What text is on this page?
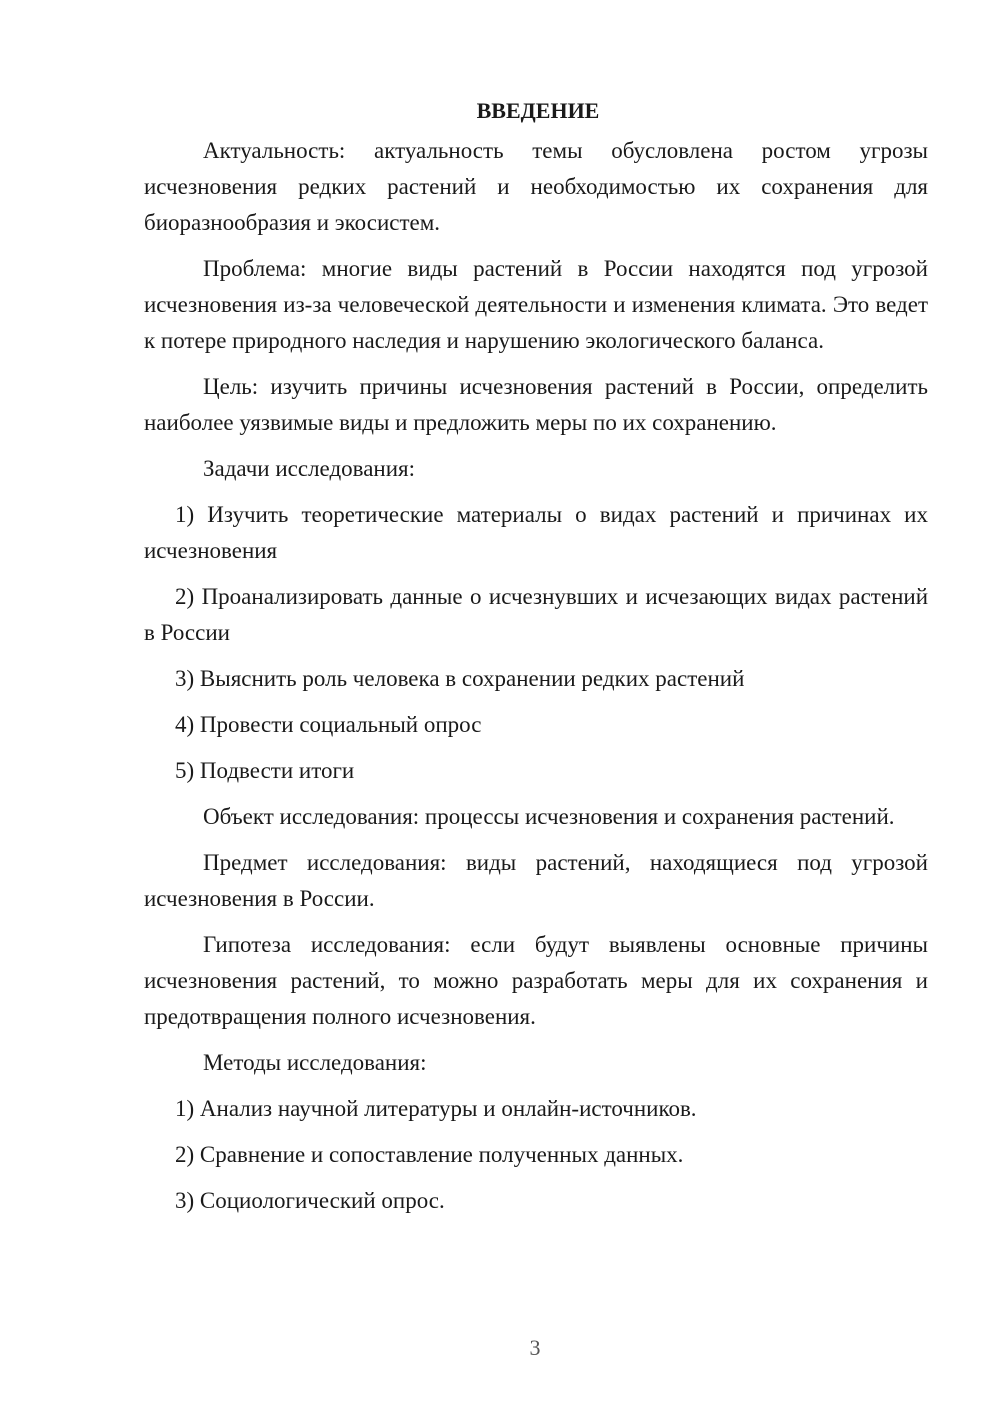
ВВЕДЕНИЕ

Актуальность: актуальность темы обусловлена ростом угрозы исчезновения редких растений и необходимостью их сохранения для биоразнообразия и экосистем.

Проблема: многие виды растений в России находятся под угрозой исчезновения из-за человеческой деятельности и изменения климата. Это ведет к потере природного наследия и нарушению экологического баланса.

Цель: изучить причины исчезновения растений в России, определить наиболее уязвимые виды и предложить меры по их сохранению.

Задачи исследования:

1) Изучить теоретические материалы о видах растений и причинах их исчезновения

2) Проанализировать данные о исчезнувших и исчезающих видах растений в России

3) Выяснить роль человека в сохранении редких растений

4) Провести социальный опрос

5) Подвести итоги

Объект исследования: процессы исчезновения и сохранения растений.

Предмет исследования: виды растений, находящиеся под угрозой исчезновения в России.

Гипотеза исследования: если будут выявлены основные причины исчезновения растений, то можно разработать меры для их сохранения и предотвращения полного исчезновения.

Методы исследования:

1) Анализ научной литературы и онлайн-источников.

2) Сравнение и сопоставление полученных данных.

3) Социологический опрос.

3
